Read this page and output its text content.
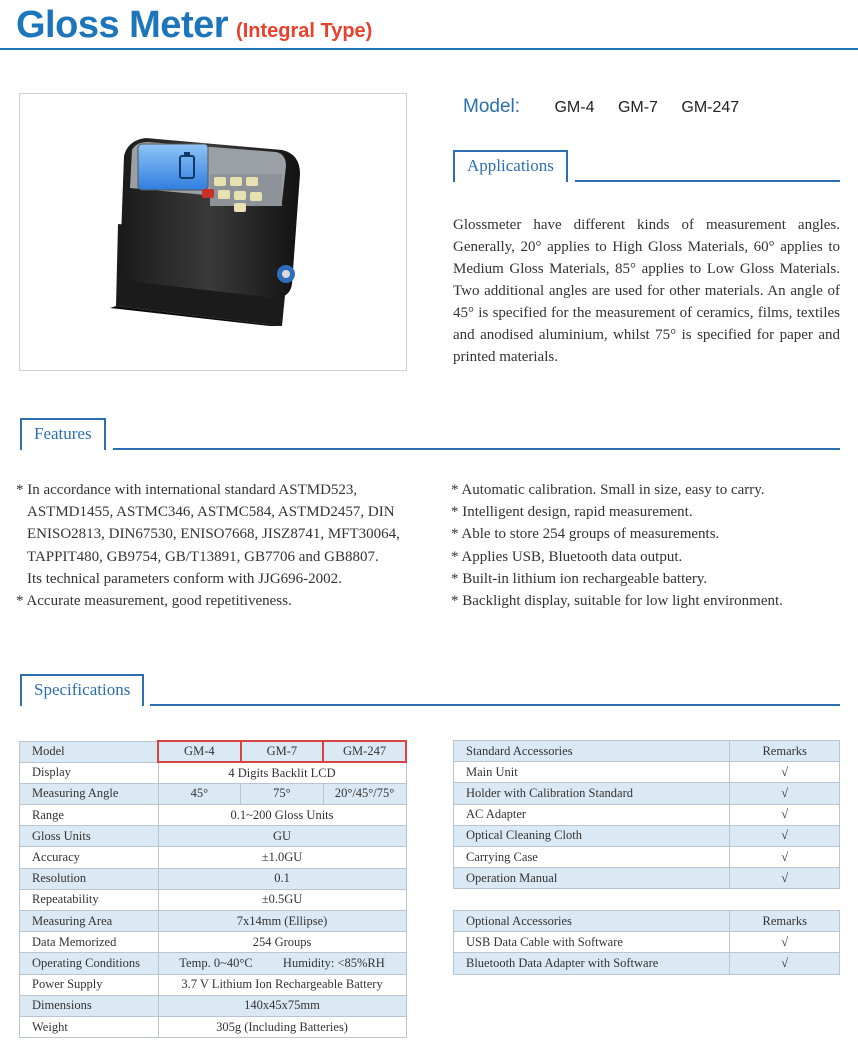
Gloss Meter (Integral Type)
Model: GM-4 GM-7 GM-247
Applications
Glossmeter have different kinds of measurement angles. Generally, 20° applies to High Gloss Materials, 60° applies to Medium Gloss Materials, 85° applies to Low Gloss Materials. Two additional angles are used for other materials. An angle of 45° is specified for the measurement of ceramics, films, textiles and anodised aluminium, whilst 75° is specified for paper and printed materials.
Features

* In accordance with international standard ASTMD523, ASTMD1455, ASTMC346, ASTMC584, ASTMD2457, DIN ENISO2813, DIN67530, ENISO7668, JISZ8741, MFT30064, TAPPIT480, GB9754, GB/T13891, GB7706 and GB8807.

Its technical parameters conform with JJG696-2002.

* Accurate measurement, good repetitiveness.

* Automatic calibration. Small in size, easy to carry.

* Intelligent design, rapid measurement.

* Able to store 254 groups of measurements.

* Applies USB, Bluetooth data output.

* Built-in lithium ion rechargeable battery.

* Backlight display, suitable for low light environment.

Specifications
Model	GM-4	GM-7	GM-247
Display	4 Digits Backlit LCD		
Measuring Angle	45°	75°	20°/45°/75°
Range	0.1~200 Gloss Units		
Gloss Units	GU		
Accuracy	±1.0GU		
Resolution	0.1		
Repeatability	±0.5GU		
Measuring Area	7x14mm (Ellipse)		
Data Memorized	254 Groups		
Operating Conditions	Temp. 0~40°C Humidity: <85%RH		
Power Supply	3.7 V Lithium Ion Rechargeable Battery		
Dimensions	140x45x75mm		
Weight	305g (Including Batteries)		
Standard Accessories	Remarks
Main Unit	√
Holder with Calibration Standard	√
AC Adapter	√
Optical Cleaning Cloth	√
Carrying Case	√
Operation Manual	√
Optional Accessories	Remarks
USB Data Cable with Software	√
Bluetooth Data Adapter with Software	√
